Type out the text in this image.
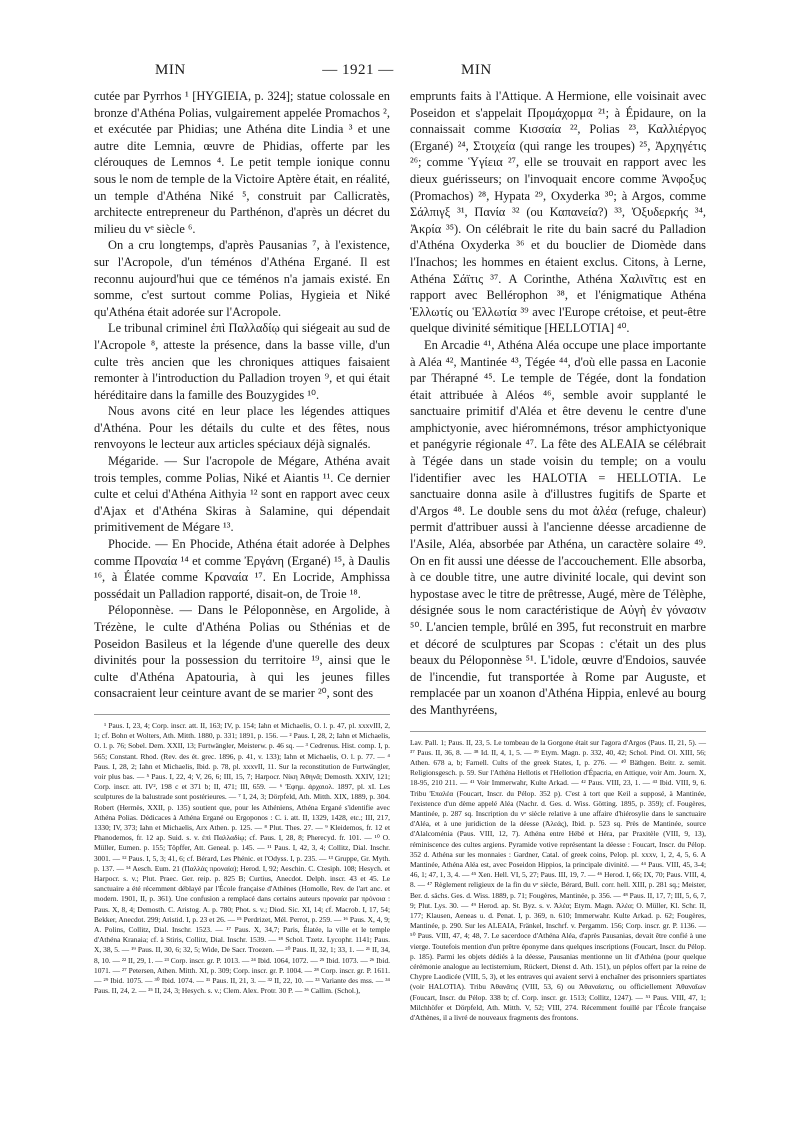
MIN	— 1921 —	MIN

cutée par Pyrrhos ¹ [HYGIEIA, p. 324]; statue colossale en bronze d'Athéna Polias, vulgairement appelée Promachos ², et exécutée par Phidias; une Athéna dite Lindia ³ et une autre dite Lemnia, œuvre de Phidias, offerte par les clérouques de Lemnos ⁴. Le petit temple ionique connu sous le nom de temple de la Victoire Aptère était, en réalité, un temple d'Athéna Niké ⁵, construit par Callicratès, architecte entrepreneur du Parthénon, d'après un décret du milieu du vᵉ siècle ⁶.

On a cru longtemps, d'après Pausanias ⁷, à l'existence, sur l'Acropole, d'un téménos d'Athéna Ergané. Il est reconnu aujourd'hui que ce téménos n'a jamais existé. En somme, c'est surtout comme Polias, Hygieia et Niké qu'Athéna était adorée sur l'Acropole.

Le tribunal criminel ἐπὶ Παλλαδίῳ qui siégeait au sud de l'Acropole ⁸, atteste la présence, dans la basse ville, d'un culte très ancien que les chroniques attiques faisaient remonter à l'introduction du Palladion troyen ⁹, et qui était héréditaire dans la famille des Bouzygides ¹⁰.

Nous avons cité en leur place les légendes attiques d'Athéna. Pour les détails du culte et des fêtes, nous renvoyons le lecteur aux articles spéciaux déjà signalés.

Mégaride. — Sur l'acropole de Mégare, Athéna avait trois temples, comme Polias, Niké et Aiantis ¹¹. Ce dernier culte et celui d'Athéna Aithyia ¹² sont en rapport avec ceux d'Ajax et d'Athéna Skiras à Salamine, qui dépendait primitivement de Mégare ¹³.

Phocide. — En Phocide, Athéna était adorée à Delphes comme Προναία ¹⁴ et comme Ἐργάνη (Ergané) ¹⁵, à Daulis ¹⁶, à Élatée comme Κραναία ¹⁷. En Locride, Amphissa possédait un Palladion rapporté, disait-on, de Troie ¹⁸.

Péloponnèse. — Dans le Péloponnèse, en Argolide, à Trézène, le culte d'Athéna Polias ou Sthénias et de Poseidon Basileus et la légende d'une querelle des deux divinités pour la possession du territoire ¹⁹, ainsi que le culte d'Athéna Apatouria, à qui les jeunes filles consacraient leur ceinture avant de se marier ²⁰, sont des

¹ Paus. I, 23, 4; Corp. inscr. att. II, 163; IV, p. 154; Iahn et Michaelis, O. l. p. 47, pl. xxxvIII, 2, 1; cf. Bohn et Wolters, Ath. Mitth. 1880, p. 331; 1891, p. 156. — ² Paus. I, 28, 2; Iahn et Michaelis, O. l. p. 76; Sobel. Dem. XXII, 13; Furtwängler, Meisterw. p. 46 sq. — ³ Cedrenus. Hist. comp. I, p. 565; Constant. Rhod. (Rev. des ét. grec. 1896, p. 41, v. 133); Iahn et Michaelis, O. l. p. 77. — ⁴ Paus. I, 28, 2; Iahn et Michaelis, Ibid. p. 78, pl. xxxvII, 11. Sur la reconstitution de Furtwängler, voir plus bas. — ⁵ Paus. I, 22, 4; V, 26, 6; III, 15, 7; Harpocr. Νίκη Ἀθηνᾶ; Demosth. XXIV, 121; Corp. inscr. att. IV², 198 c et 371 b; II, 471; III, 659. — ⁶ Ἐφημ. ἀρχαιολ. 1897, pl. xI. Les sculptures de la balustrade sont postérieures. — ⁷ I, 24, 3; Dörpfeld, Ath. Mitth. XIX, 1889, p. 304. Robert (Hermès, XXII, p. 135) soutient que, pour les Athéniens, Athéna Ergané s'identifie avec Athéna Polias. Dédicaces à Athéna Ergané ou Ergoponos : C. i. att. II, 1329, 1428, etc.; III, 217, 1330; IV, 373; Iahn et Michaelis, Arx Athen. p. 125. — ⁸ Plut. Thes. 27. — ⁹ Kleidemos, fr. 12 et Phanodemos, fr. 12 ap. Suid. s. v. ἐπὶ Παλλαδίῳ; cf. Paus. I, 28, 8; Pherecyd. fr. 101. — ¹⁰ O. Müller, Eumen. p. 155; Töpffer, Att. Geneal. p. 145. — ¹¹ Paus. I, 42, 3, 4; Collitz, Dial. Inschr. 3001. — ¹² Paus. I, 5, 3; 41, 6; cf. Bérard, Les Phénic. et l'Odyss. I, p. 235. — ¹³ Gruppe, Gr. Myth. p. 137. — ¹⁴ Aesch. Eum. 21 (Παλλὰς προναία); Herod. I, 92; Aeschin. C. Ctesiph. 108; Hesych. et Harpocr. s. v.; Plut. Praec. Ger. reip. p. 825 B; Curtius, Anecdot. Delph. inscr. 43 et 45. Le sanctuaire a été récemment déblayé par l'École française d'Athènes (Homolle, Rev. de l'art anc. et modern. 1901, II, p. 361). Une confusion a remplacé dans certains auteurs προναία par πρόνοια : Paus. X, 8, 4; Demosth. C. Aristog. A. p. 780; Phot. s. v.; Diod. Sic. XI, 14; cf. Macrob. I, 17, 54; Bekker, Anecdot. 299; Aristid. I, p. 23 et 26. — ¹⁵ Perdrizet, Mél. Perrot, p. 259. — ¹⁶ Paus. X, 4, 9; A. Polins, Collitz, Dial. Inschr. 1523. — ¹⁷ Paus. X, 34,7; Paris, Élatée, la ville et le temple d'Athéna Kranaia; cf. à Stiris, Collitz, Dial. Inschr. 1539. — ¹⁸ Schol. Tzetz. Lycophr. 1141; Paus. X, 38, 5. — ¹⁹ Paus. II, 30, 6; 32, 5; Wide, De Sacr. Troezen. — ²⁰ Paus. II, 32, 1; 33, 1. — ²¹ II, 34, 8, 10. — ²² II, 29, 1. — ²³ Corp. inscr. gr. P. 1013. — ²⁴ Ibid. 1064, 1072. — ²⁵ Ibid. 1073. — ²⁶ Ibid. 1071. — ²⁷ Petersen, Athen. Mitth. XI, p. 309; Corp. inscr. gr. P. 1004. — ²⁸ Corp. inscr. gr. P. 1611. — ²⁹ Ibid. 1075. — ³⁰ Ibid. 1074. — ³¹ Paus. II, 21, 3. — ³² II, 22, 10. — ³³ Variante des mss. — ³⁴ Paus. II, 24, 2. — ³⁵ II, 24, 3; Hesych. s. v.; Clem. Alex. Protr. 30 P. — ³⁶ Callim. (Schol.),

emprunts faits à l'Attique. A Hermione, elle voisinait avec Poseidon et s'appelait Προμάχορμα ²¹; à Épidaure, on la connaissait comme Κισσαία ²², Polias ²³, Καλλιέργος (Ergané) ²⁴, Στοιχεία (qui range les troupes) ²⁵, Ἀρχηγέτις ²⁶; comme Ὑγίεια ²⁷, elle se trouvait en rapport avec les dieux guérisseurs; on l'invoquait encore comme Ἀνφοξυς (Promachos) ²⁸, Hypata ²⁹, Oxyderka ³⁰; à Argos, comme Σάλπιγξ ³¹, Πανία ³² (ou Καπανεία?) ³³, Ὀξυδερκής ³⁴, Ἀκρία ³⁵). On célébrait le rite du bain sacré du Palladion d'Athéna Oxyderka ³⁶ et du bouclier de Diomède dans l'Inachos; les hommes en étaient exclus. Citons, à Lerne, Athéna Σάϊτις ³⁷. A Corinthe, Athéna Χαλινῖτις est en rapport avec Bellérophon ³⁸, et l'énigmatique Athéna Ἑλλωτίς ou Ἑλλωτία ³⁹ avec l'Europe crétoise, et peut-être quelque divinité sémitique [HELLOTIA] ⁴⁰.

En Arcadie ⁴¹, Athéna Aléa occupe une place importante à Aléa ⁴², Mantinée ⁴³, Tégée ⁴⁴, d'où elle passa en Laconie par Thérapné ⁴⁵. Le temple de Tégée, dont la fondation était attribuée à Aléos ⁴⁶, semble avoir supplanté le sanctuaire primitif d'Aléa et être devenu le centre d'une amphictyonie, avec hiéromnémons, trésor amphictyonique et panégyrie régionale ⁴⁷. La fête des ALEAIA se célébrait à Tégée dans un stade voisin du temple; on a voulu l'identifier avec les HALOTIA = HELLOTIA. Le sanctuaire donna asile à d'illustres fugitifs de Sparte et d'Argos ⁴⁸. Le double sens du mot ἀλέα (refuge, chaleur) permit d'attribuer aussi à l'ancienne déesse arcadienne de l'Asile, Aléa, absorbée par Athéna, un caractère solaire ⁴⁹. On en fit aussi une déesse de l'accouchement. Elle absorba, à ce double titre, une autre divinité locale, qui devint son hypostase avec le titre de prêtresse, Augé, mère de Télèphe, désignée sous le nom caractéristique de Αὐγὴ ἐν γόνασιν ⁵⁰. L'ancien temple, brûlé en 395, fut reconstruit en marbre et décoré de sculptures par Scopas : c'était un des plus beaux du Péloponnèse ⁵¹. L'idole, œuvre d'Endoios, sauvée de l'incendie, fut transportée à Rome par Auguste, et remplacée par un xoanon d'Athéna Hippia, enlevé au bourg des Manthyréens,

Lav. Pall. 1; Paus. II, 23, 5. Le tombeau de la Gorgone était sur l'agora d'Argos (Paus. II, 21, 5). — ³⁷ Paus. II, 36, 8. — ³⁸ Id. II, 4, 1, 5. — ³⁹ Etym. Magn. p. 332, 40, 42; Schol. Pind. Ol. XIII, 56; Athen. 678 a, b; Farnell. Cults of the greek States, I, p. 276. — ⁴⁰ Bäthgen. Beitr. z. semit. Religionsgesch. p. 59. Sur l'Athéna Hellotis et l'Hellotion d'Épacria, en Attique, voir Am. Journ. X, 18-95, 210 211. — ⁴¹ Voir Immerwahr, Kulte Arkad. — ⁴² Paus. VIII, 23, 1. — ⁴³ Ibid. VIII, 9, 6. Tribu Ἐπαλέα (Foucart, Inscr. du Pélop. 352 p). C'est à tort que Keil a supposé, à Mantinée, l'existence d'un dème appelé Aléa (Nachr. d. Ges. d. Wiss. Götting. 1895, p. 359); cf. Fougères, Mantinée, p. 287 sq. Inscription du vᵉ siècle relative à une affaire d'hiérosylie dans le sanctuaire d'Aléa, et à une juridiction de la déesse (Ἀλεάς), Ibid. p. 523 sq. Près de Mantinée, source d'Alalcoménia (Paus. VIII, 12, 7). Athéna entre Hébé et Héra, par Praxitèle (VIII, 9, 13), réminiscence des cultes argiens. Pyramide votive représentant la déesse : Foucart, Inscr. du Pélop. 352 d. Athéna sur les monnaies : Gardner, Catal. of greek coins, Pelop. pl. xxxv, 1, 2, 4, 5, 6. A Mantinée, Athéna Aléa est, avec Poseidon Hippios, la principale divinité. — ⁴⁴ Paus. VIII, 45, 3-4; 46, 1; 47, 1, 3, 4. — ⁴⁵ Xen. Hell. VI, 5, 27; Paus. III, 19, 7. — ⁴⁶ Herod. I, 66; IX, 70; Paus. VIII, 4, 8. — ⁴⁷ Règlement religieux de la fin du vᵉ siècle, Bérard, Bull. corr. hell. XIII, p. 281 sq.; Meister, Ber. d. sächs. Ges. d. Wiss. 1889, p. 71; Fougères, Mantinée, p. 356. — ⁴⁸ Paus. II, 17, 7; III, 5, 6, 7, 9; Plut. Lys. 30. — ⁴⁹ Herod. ap. St. Byz. s. v. Ἀλέα; Etym. Magn. Ἀλέα; O. Müller, Kl. Schr. II, 177; Klausen, Aeneas u. d. Penat. I, p. 369, n. 610; Immerwahr. Kulte Arkad. p. 62; Fougères, Mantinée, p. 290. Sur les ALEAIA, Fränkel, Inschrf. v. Pergamm. 156; Corp. inscr. gr. P. 1136. — ⁵⁰ Paus. VIII, 47, 4; 48, 7. Le sacerdoce d'Athéna Aléa, d'après Pausanias, devait être confié à une vierge. Toutefois mention d'un prêtre éponyme dans quelques inscriptions (Foucart, Inscr. du Pélop. p. 185). Parmi les objets dédiés à la déesse, Pausanias mentionne un lit d'Athéna (pour quelque cérémonie analogue au lectisternium, Rückert, Dienst d. Ath. 151), un péplos offert par la reine de Chypre Laodicée (VIII, 5, 3), et les entraves qui avaient servi à enchaîner des prisonniers spartiates (voir HALOTIA). Tribu Ἀθανᾶτις (VIII, 53, 6) ou Ἀθαναίατις, ou officiellement Ἀθαναΐων (Foucart, Inscr. du Pélop. 338 b; cf. Corp. inscr. gr. 1513; Collitz, 1247). — ⁵¹ Paus. VIII, 47, 1; Milchhöfer et Dörpfeld, Ath. Mitth. V, 52; VIII, 274. Récemment fouillé par l'École française d'Athènes, il a livré de nouveaux fragments des frontons.
